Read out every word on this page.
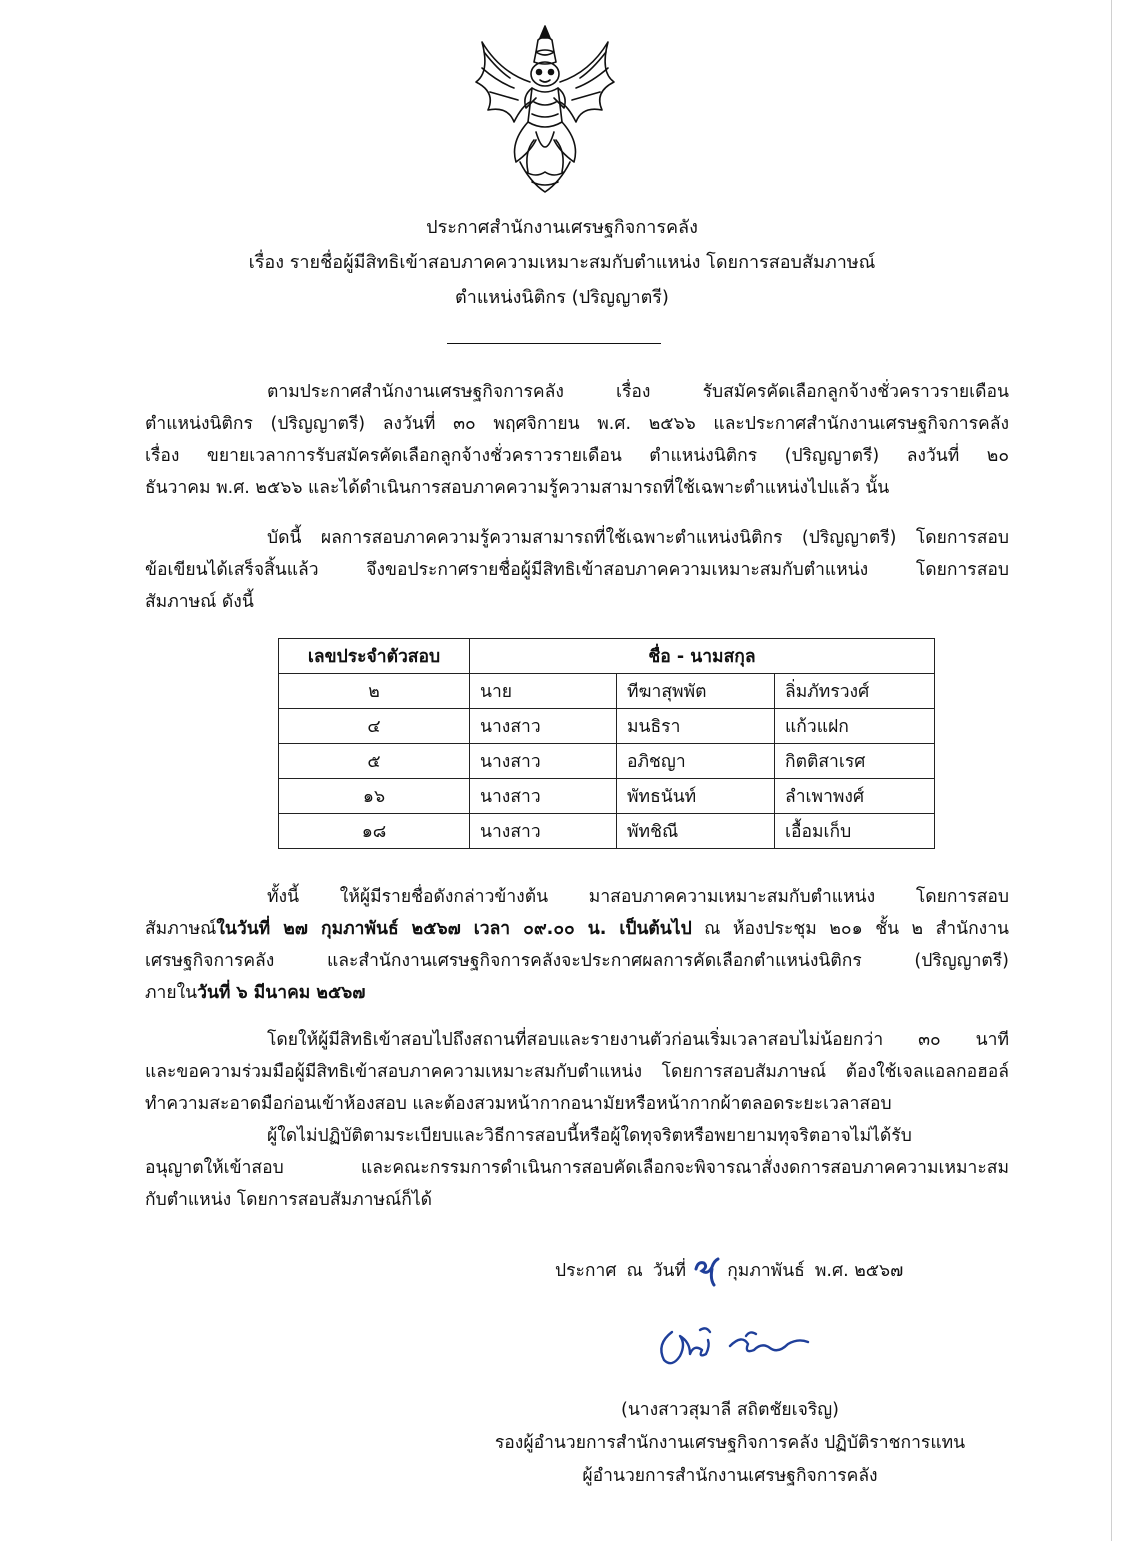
ประกาศสำนักงานเศรษฐกิจการคลัง
เรื่อง รายชื่อผู้มีสิทธิเข้าสอบภาคความเหมาะสมกับตำแหน่ง โดยการสอบสัมภาษณ์
ตำแหน่งนิติกร (ปริญญาตรี)
ตามประกาศสำนักงานเศรษฐกิจการคลัง เรื่อง รับสมัครคัดเลือกลูกจ้างชั่วคราวรายเดือน
ตำแหน่งนิติกร (ปริญญาตรี) ลงวันที่ ๓๐ พฤศจิกายน พ.ศ. ๒๕๖๖ และประกาศสำนักงานเศรษฐกิจการคลัง
เรื่อง ขยายเวลาการรับสมัครคัดเลือกลูกจ้างชั่วคราวรายเดือน ตำแหน่งนิติกร (ปริญญาตรี) ลงวันที่ ๒๐
ธันวาคม พ.ศ. ๒๕๖๖ และได้ดำเนินการสอบภาคความรู้ความสามารถที่ใช้เฉพาะตำแหน่งไปแล้ว นั้น
บัดนี้ ผลการสอบภาคความรู้ความสามารถที่ใช้เฉพาะตำแหน่งนิติกร (ปริญญาตรี) โดยการสอบ
ข้อเขียนได้เสร็จสิ้นแล้ว จึงขอประกาศรายชื่อผู้มีสิทธิเข้าสอบภาคความเหมาะสมกับตำแหน่ง โดยการสอบ
สัมภาษณ์ ดังนี้
เลขประจำตัวสอบ	ชื่อ - นามสกุล		
๒	นาย	ทีฆาสุพพัต	ลิ่มภัทรวงศ์
๔	นางสาว	มนธิรา	แก้วแฝก
๕	นางสาว	อภิชญา	กิตติสาเรศ
๑๖	นางสาว	พัทธนันท์	ลำเพาพงศ์
๑๘	นางสาว	พัทชิณี	เอื้อมเก็บ
ทั้งนี้ ให้ผู้มีรายชื่อดังกล่าวข้างต้น มาสอบภาคความเหมาะสมกับตำแหน่ง โดยการสอบ
สัมภาษณ์ในวันที่ ๒๗ กุมภาพันธ์ ๒๕๖๗ เวลา ๐๙.๐๐ น. เป็นต้นไป ณ ห้องประชุม ๒๐๑ ชั้น ๒ สำนักงาน
เศรษฐกิจการคลัง และสำนักงานเศรษฐกิจการคลังจะประกาศผลการคัดเลือกตำแหน่งนิติกร (ปริญญาตรี)
ภายในวันที่ ๖ มีนาคม ๒๕๖๗
โดยให้ผู้มีสิทธิเข้าสอบไปถึงสถานที่สอบและรายงานตัวก่อนเริ่มเวลาสอบไม่น้อยกว่า ๓๐ นาที
และขอความร่วมมือผู้มีสิทธิเข้าสอบภาคความเหมาะสมกับตำแหน่ง โดยการสอบสัมภาษณ์ ต้องใช้เจลแอลกอฮอล์
ทำความสะอาดมือก่อนเข้าห้องสอบ และต้องสวมหน้ากากอนามัยหรือหน้ากากผ้าตลอดระยะเวลาสอบ
ผู้ใดไม่ปฏิบัติตามระเบียบและวิธีการสอบนี้หรือผู้ใดทุจริตหรือพยายามทุจริตอาจไม่ได้รับ
อนุญาตให้เข้าสอบ และคณะกรรมการดำเนินการสอบคัดเลือกจะพิจารณาสั่งงดการสอบภาคความเหมาะสม
กับตำแหน่ง โดยการสอบสัมภาษณ์ก็ได้
ประกาศ ณ วันที่ กุมภาพันธ์ พ.ศ. ๒๕๖๗
(นางสาวสุมาลี สถิตชัยเจริญ)
รองผู้อำนวยการสำนักงานเศรษฐกิจการคลัง ปฏิบัติราชการแทน
ผู้อำนวยการสำนักงานเศรษฐกิจการคลัง
